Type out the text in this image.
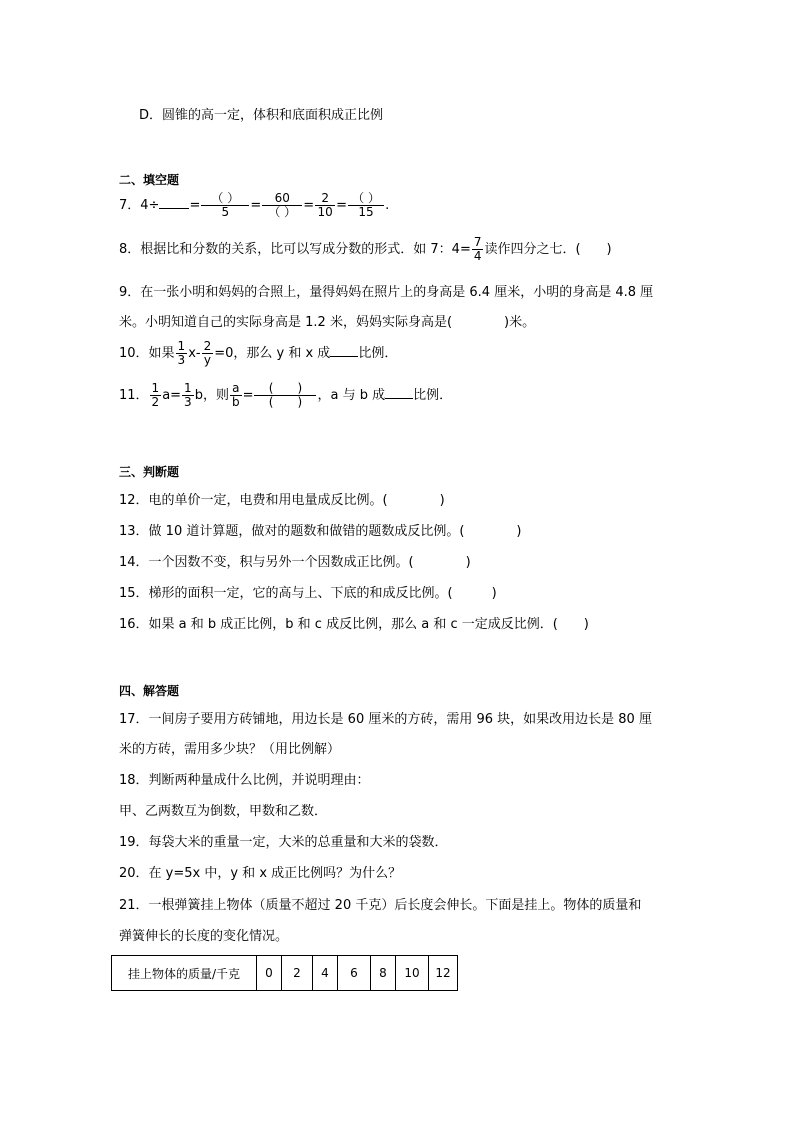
D．圆锥的高一定，体积和底面积成正比例
二、填空题
7．$4\div = \frac{( )}{5} = \frac{60}{( )} = \frac{2}{10} = \frac{( )}{15}$ .
8．根据比和分数的关系，比可以写成分数的形式．如 7：$4= \frac{7}{4}$ 读作四分之七．(　　)
9．在一张小明和妈妈的合照上，量得妈妈在照片上的身高是 6.4 厘米，小明的身高是 4.8 厘
米。小明知道自己的实际身高是 1.2 米，妈妈实际身高是(　　　　)米。
10．如果 $\frac{1}{3} x- \frac{2}{y} =0$，那么 y 和 x 成 比例．
11． $\frac{1}{2} a= \frac{1}{3}$ b，则 $\frac{a}{b} = \frac{( )}{( )}$ ，a 与 b 成 比例．
三、判断题
12．电的单价一定，电费和用电量成反比例。(　　　　)
13．做 10 道计算题，做对的题数和做错的题数成反比例。(　　　　)
14．一个因数不变，积与另外一个因数成正比例。(　　　　)
15．梯形的面积一定，它的高与上、下底的和成反比例。(　　　)
16．如果 a 和 b 成正比例，b 和 c 成反比例，那么 a 和 c 一定成反比例．(　　)
四、解答题
17．一间房子要用方砖铺地，用边长是 60 厘米的方砖，需用 96 块，如果改用边长是 80 厘
米的方砖，需用多少块？（用比例解）
18．判断两种量成什么比例，并说明理由：
甲、乙两数互为倒数，甲数和乙数．
19．每袋大米的重量一定，大米的总重量和大米的袋数．
20．在 y=5x 中，y 和 x 成正比例吗？为什么？
21．一根弹簧挂上物体（质量不超过 20 千克）后长度会伸长。下面是挂上。物体的质量和
弹簧伸长的长度的变化情况。
挂上物体的质量/千克	0	2	4	6	8	10	12
